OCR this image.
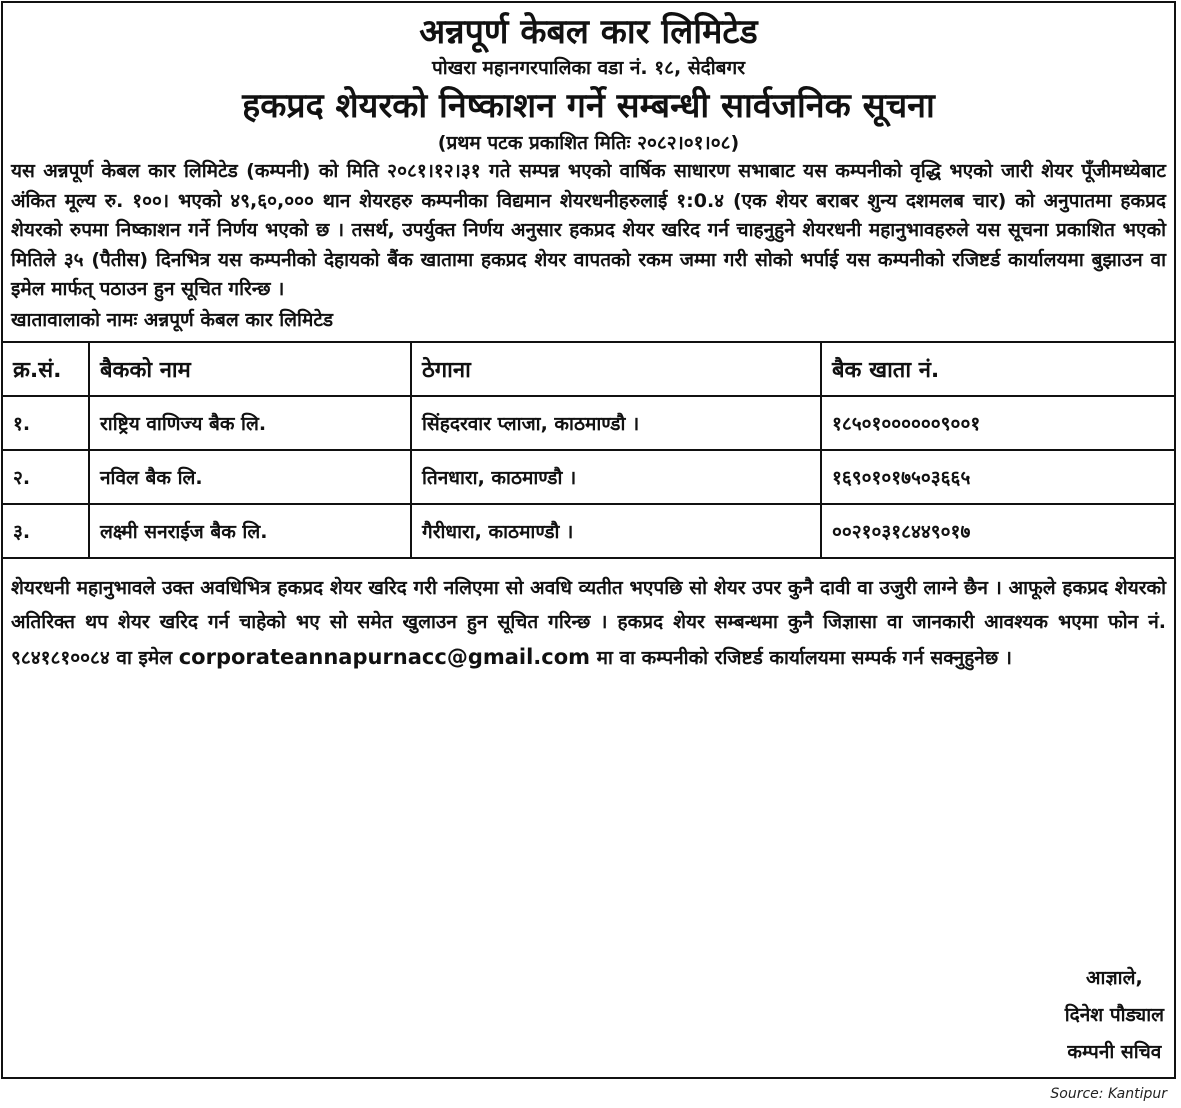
अन्नपूर्ण केबल कार लिमिटेड
पोखरा महानगरपालिका वडा नं. १८, सेदीबगर
हकप्रद शेयरको निष्काशन गर्ने सम्बन्धी सार्वजनिक सूचना
(प्रथम पटक प्रकाशित मितिः २०८२।०१।०८)
यस अन्नपूर्ण केबल कार लिमिटेड (कम्पनी) को मिति २०८१।१२।३१ गते सम्पन्न भएको वार्षिक साधारण सभाबाट यस कम्पनीको वृद्धि भएको जारी शेयर पूँजीमध्येबाट अंकित मूल्य रु. १००। भएको ४९,६०,००० थान शेयरहरु कम्पनीका विद्यमान शेयरधनीहरुलाई १:0.४ (एक शेयर बराबर शुन्य दशमलब चार) को अनुपातमा हकप्रद शेयरको रुपमा निष्काशन गर्ने निर्णय भएको छ । तसर्थ, उपर्युक्त निर्णय अनुसार हकप्रद शेयर खरिद गर्न चाहनुहुने शेयरधनी महानुभावहरुले यस सूचना प्रकाशित भएको मितिले ३५ (पैतीस) दिनभित्र यस कम्पनीको देहायको बैंक खातामा हकप्रद शेयर वापतको रकम जम्मा गरी सोको भर्पाई यस कम्पनीको रजिष्टर्ड कार्यालयमा बुझाउन वा इमेल मार्फत् पठाउन हुन सूचित गरिन्छ ।
खातावालाको नामः अन्नपूर्ण केबल कार लिमिटेड
क्र.सं.	बैकको नाम	ठेगाना	बैक खाता नं.
१.	राष्ट्रिय वाणिज्य बैक लि.	सिंहदरवार प्लाजा, काठमाण्डौ ।	१८५०१००००००९००१
२.	नविल बैक लि.	तिनधारा, काठमाण्डौ ।	१६९०१०१७५०३६६५
३.	लक्ष्मी सनराईज बैक लि.	गैरीधारा, काठमाण्डौ ।	००२१०३१८४४९०१७
शेयरधनी महानुभावले उक्त अवधिभित्र हकप्रद शेयर खरिद गरी नलिएमा सो अवधि व्यतीत भएपछि सो शेयर उपर कुनै दावी वा उजुरी लाग्ने छैन । आफूले हकप्रद शेयरको अतिरिक्त थप शेयर खरिद गर्न चाहेको भए सो समेत खुलाउन हुन सूचित गरिन्छ । हकप्रद शेयर सम्बन्धमा कुनै जिज्ञासा वा जानकारी आवश्यक भएमा फोन नं. ९८४१८१००८४ वा इमेल corporateannapurnacc@gmail.com मा वा कम्पनीको रजिष्टर्ड कार्यालयमा सम्पर्क गर्न सक्नुहुनेछ ।
आज्ञाले,
दिनेश पौड्याल
कम्पनी सचिव
Source: Kantipur
